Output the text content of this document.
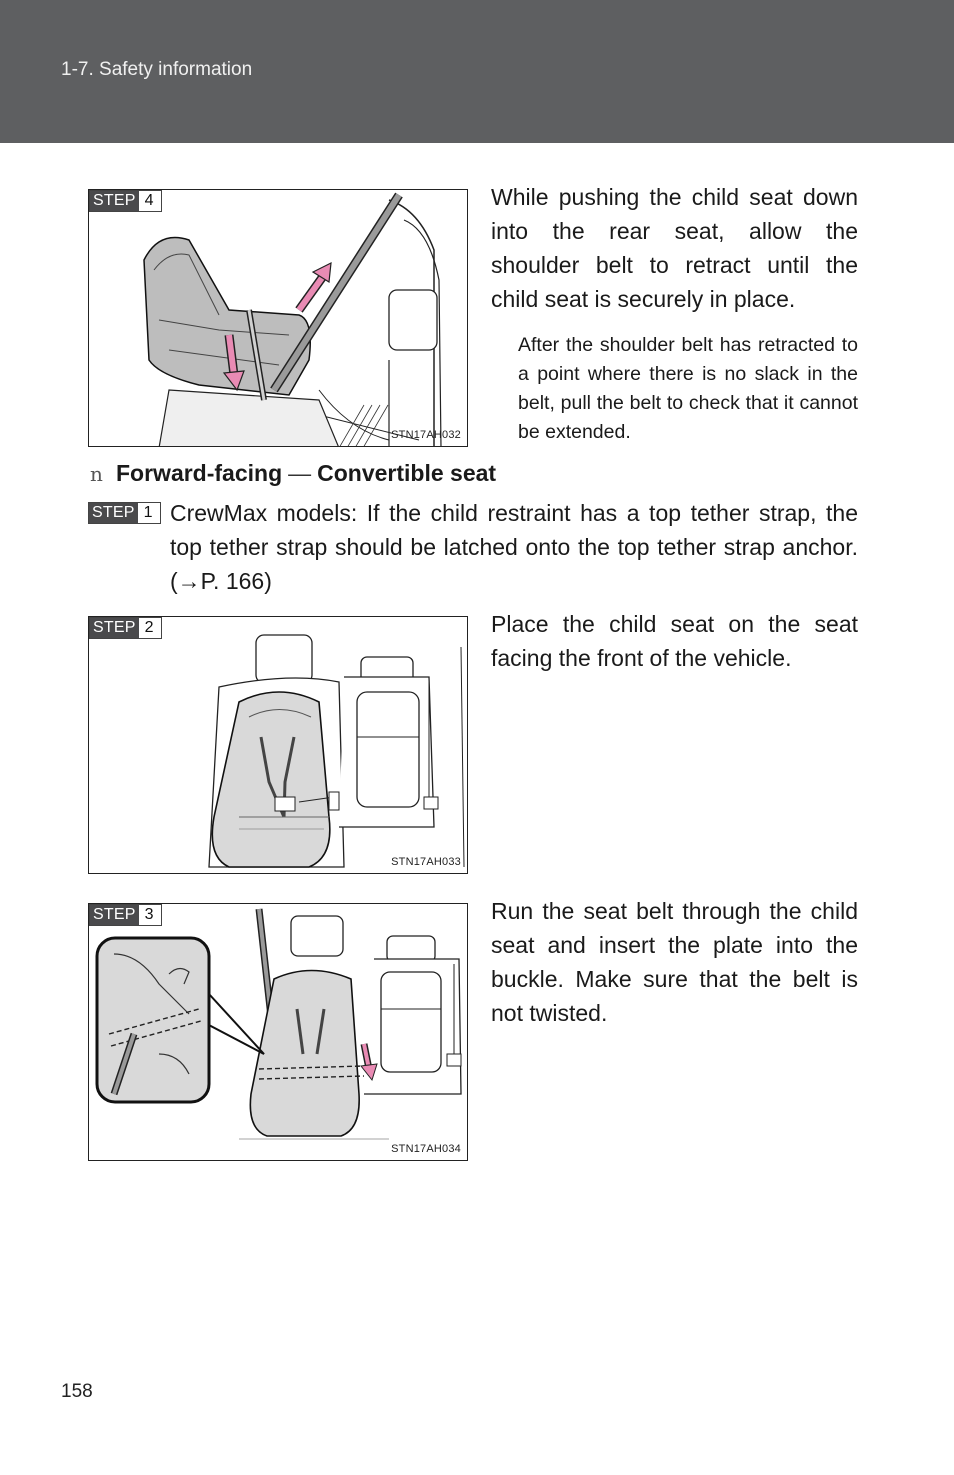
1-7. Safety information
STEP 4
STN17AH032
While pushing the child seat down into the rear seat, allow the shoulder belt to retract until the child seat is securely in place.
After the shoulder belt has retracted to a point where there is no slack in the belt, pull the belt to check that it cannot be extended.
n Forward-facing — Convertible seat
STEP 1 CrewMax models: If the child restraint has a top tether strap, the top tether strap should be latched onto the top tether strap anchor. (→P. 166)
STEP 2
STN17AH033
Place the child seat on the seat facing the front of the vehicle.
STEP 3
STN17AH034
Run the seat belt through the child seat and insert the plate into the buckle. Make sure that the belt is not twisted.
158
